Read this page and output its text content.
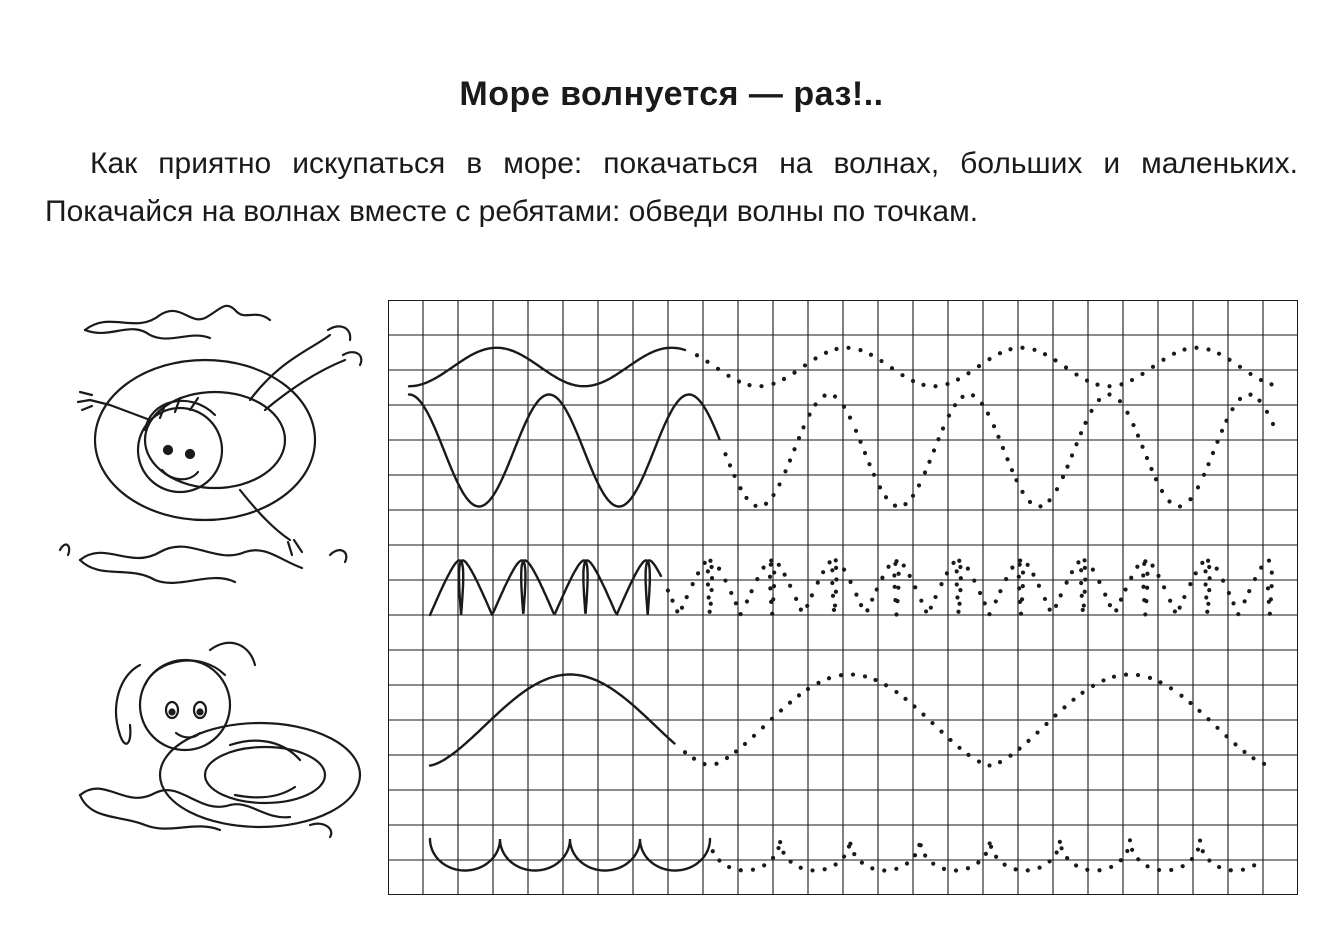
Море волнуется — раз!..

Как приятно искупаться в море: покачаться на волнах, больших и маленьких. Покачайся на волнах вместе с ребятами: обведи волны по точкам.
